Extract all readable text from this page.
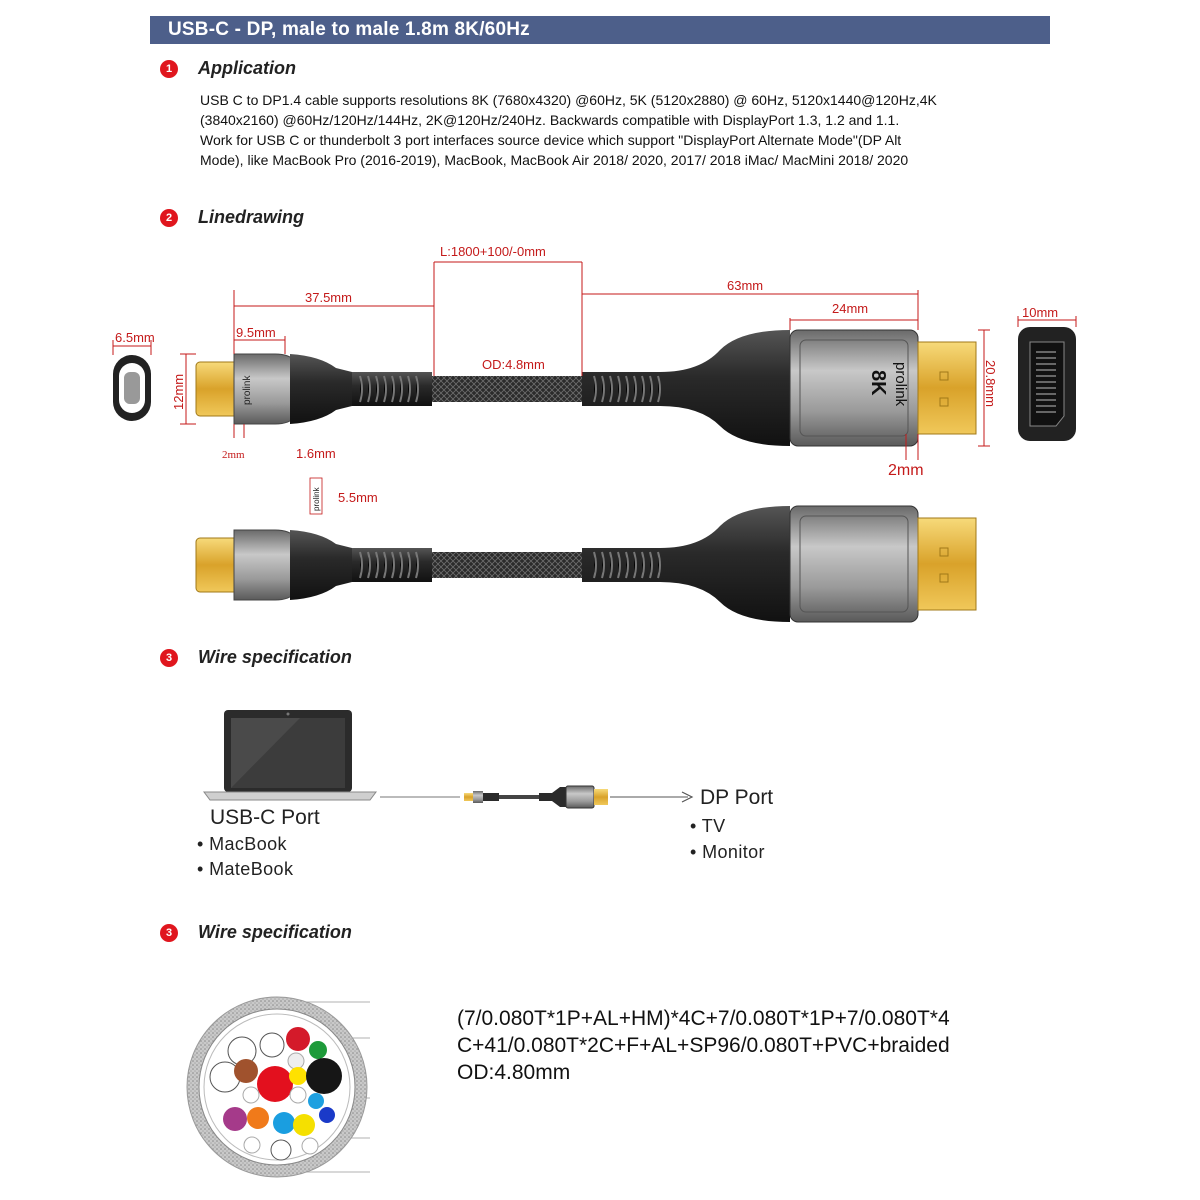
USB-C - DP, male to male 1.8m 8K/60Hz
1	Application
USB C to DP1.4 cable supports resolutions 8K (7680x4320) @60Hz, 5K (5120x2880) @ 60Hz, 5120x1440@120Hz,4K
(3840x2160) @60Hz/120Hz/144Hz, 2K@120Hz/240Hz. Backwards compatible with DisplayPort 1.3, 1.2 and 1.1.
Work for USB C or thunderbolt 3 port interfaces source device which support "DisplayPort Alternate Mode"(DP Alt
Mode), like MacBook Pro (2016-2019), MacBook, MacBook Air 2018/ 2020, 2017/ 2018 iMac/ MacMini 2018/ 2020
2	Linedrawing
prolink	prolink
8K
L:1800+100/-0mm
37.5mm
63mm
24mm
6.5mm	9.5mm
12mm
OD:4.8mm	20.8mm
10mm
2mm
2mm
1.6mm
5.5mm
prolink
3	Wire specification
USB-C Port
• MacBook
• MateBook
DP Port
• TV
• Monitor
3	Wire specification
(7/0.080T*1P+AL+HM)*4C+7/0.080T*1P+7/0.080T*4
C+41/0.080T*2C+F+AL+SP96/0.080T+PVC+braided
OD:4.80mm
